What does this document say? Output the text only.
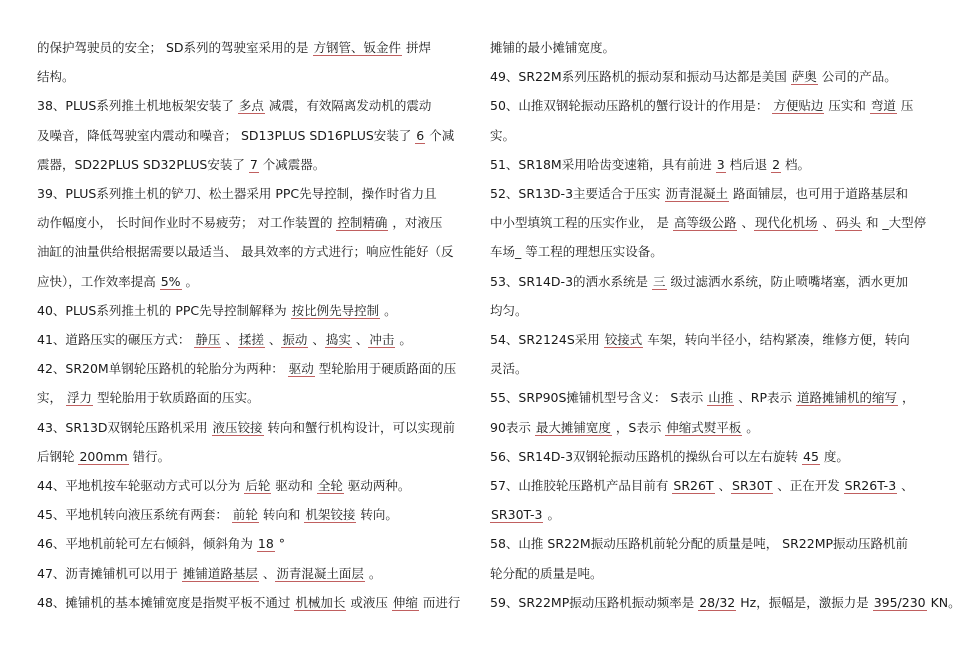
的保护驾驶员的安全； SD系列的驾驶室采用的是 方钢管、钣金件 拼焊
结构。
38、PLUS系列推土机地板架安装了 多点 减震，有效隔离发动机的震动
及噪音，降低驾驶室内震动和噪音； SD13PLUS SD16PLUS安装了 6 个减
震器，SD22PLUS SD32PLUS安装了 7 个减震器。
39、PLUS系列推土机的铲刀、松土器采用 PPC先导控制，操作时省力且
动作幅度小， 长时间作业时不易疲劳； 对工作装置的 控制精确 ，对液压
油缸的油量供给根据需要以最适当、 最具效率的方式进行；响应性能好（反
应快），工作效率提高 5% 。
40、PLUS系列推土机的 PPC先导控制解释为 按比例先导控制 。
41、道路压实的碾压方式： 静压 、揉搓 、振动 、捣实 、冲击 。
42、SR20M单钢轮压路机的轮胎分为两种： 驱动 型轮胎用于硬质路面的压
实， 浮力 型轮胎用于软质路面的压实。
43、SR13D双钢轮压路机采用 液压铰接 转向和蟹行机构设计，可以实现前
后钢轮 200mm 错行。
44、平地机按车轮驱动方式可以分为 后轮 驱动和 全轮 驱动两种。
45、平地机转向液压系统有两套： 前轮 转向和 机架铰接 转向。
46、平地机前轮可左右倾斜，倾斜角为 18 °
47、沥青摊铺机可以用于 摊铺道路基层 、沥青混凝土面层 。
48、摊铺机的基本摊铺宽度是指熨平板不通过 机械加长 或液压 伸缩 而进行
摊铺的最小摊铺宽度。
49、SR22M系列压路机的振动泵和振动马达都是美国 萨奥 公司的产品。
50、山推双钢轮振动压路机的蟹行设计的作用是： 方便贴边 压实和 弯道 压
实。
51、SR18M采用哈齿变速箱，具有前进 3 档后退 2 档。
52、SR13D-3主要适合于压实 沥青混凝土 路面铺层，也可用于道路基层和
中小型填筑工程的压实作业， 是 高等级公路 、现代化机场 、码头 和 _大型停
车场_ 等工程的理想压实设备。
53、SR14D-3的洒水系统是 三 级过滤洒水系统，防止喷嘴堵塞，洒水更加
均匀。
54、SR2124S采用 铰接式 车架，转向半径小，结构紧凑，维修方便，转向
灵活。
55、SRP90S摊铺机型号含义： S表示 山推 、RP表示 道路摊铺机的缩写 ，
90表示 最大摊铺宽度 ，S表示 伸缩式熨平板 。
56、SR14D-3双钢轮振动压路机的操纵台可以左右旋转 45 度。
57、山推胶轮压路机产品目前有 SR26T 、SR30T 、正在开发 SR26T-3 、
SR30T-3 。
58、山推 SR22M振动压路机前轮分配的质量是吨， SR22MP振动压路机前
轮分配的质量是吨。
59、SR22MP振动压路机振动频率是 28/32 Hz，振幅是，激振力是 395/230 KN。
